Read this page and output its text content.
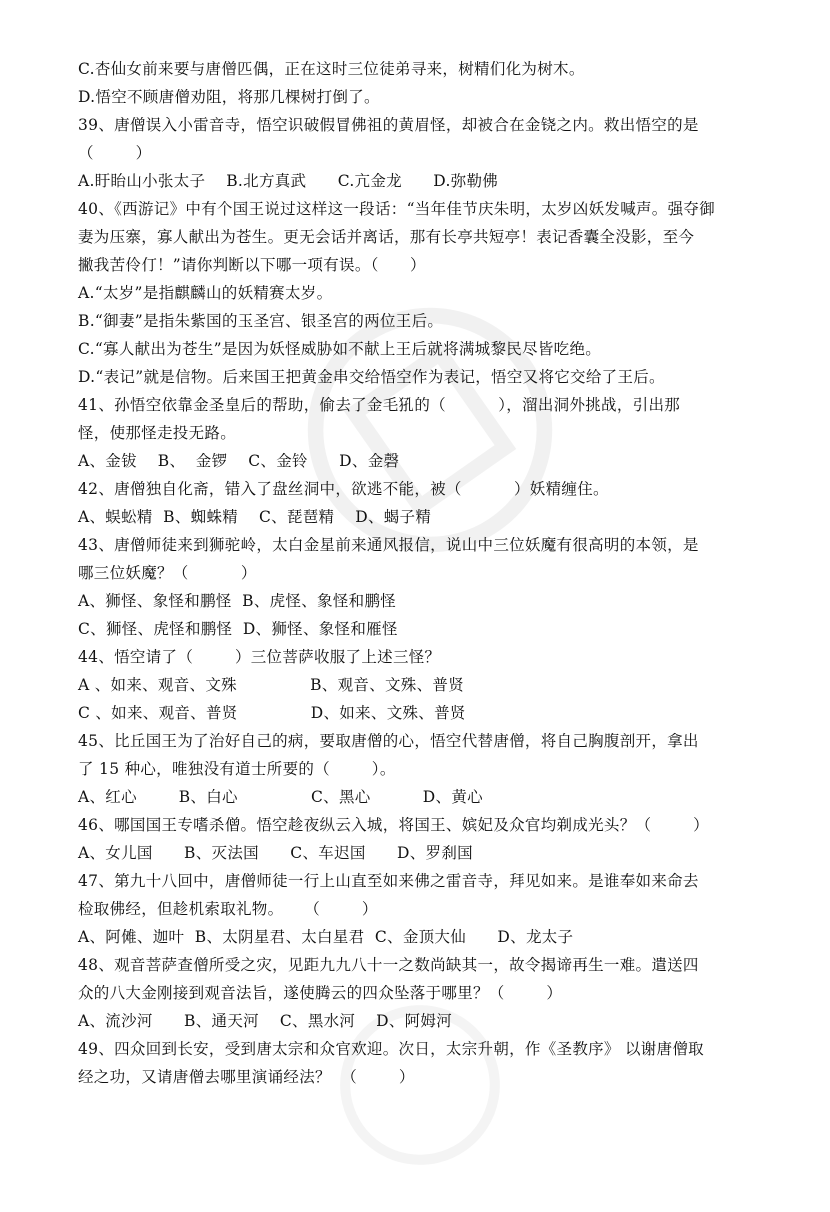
C.杏仙女前来要与唐僧匹偶，正在这时三位徒弟寻来，树精们化为树木。
D.悟空不顾唐僧劝阻，将那几棵树打倒了。
39、唐僧误入小雷音寺，悟空识破假冒佛祖的黄眉怪，却被合在金铙之内。救出悟空的是
（        ）
A.盱眙山小张太子    B.北方真武      C.亢金龙      D.弥勒佛
40、《西游记》中有个国王说过这样这一段话：“当年佳节庆朱明，太岁凶妖发喊声。强夺御
妻为压寨，寡人献出为苍生。更无会话并离话，那有长亭共短亭！表记香囊全没影，至今
撇我苦伶仃！”请你判断以下哪一项有误。（      ）
A.“太岁”是指麒麟山的妖精赛太岁。
B.“御妻”是指朱紫国的玉圣宫、银圣宫的两位王后。
C.“寡人献出为苍生”是因为妖怪威胁如不献上王后就将满城黎民尽皆吃绝。
D.“表记”就是信物。后来国王把黄金串交给悟空作为表记，悟空又将它交给了王后。
41、孙悟空依靠金圣皇后的帮助，偷去了金毛犼的（          ），溜出洞外挑战，引出那
怪，使那怪走投无路。
A、金钹    B、  金锣    C、金铃      D、金磬
42、唐僧独自化斋，错入了盘丝洞中，欲逃不能，被（          ）妖精缠住。
A、蜈蚣精  B、蜘蛛精    C、琵琶精    D、蝎子精
43、唐僧师徒来到狮驼岭，太白金星前来通风报信，说山中三位妖魔有很高明的本领，是
哪三位妖魔？（          ）
A、狮怪、象怪和鹏怪  B、虎怪、象怪和鹏怪
C、狮怪、虎怪和鹏怪  D、狮怪、象怪和雁怪
44、悟空请了（        ）三位菩萨收服了上述三怪？
A 、如来、观音、文殊              B、观音、文殊、普贤
C 、如来、观音、普贤              D、如来、文殊、普贤
45、比丘国王为了治好自己的病，要取唐僧的心，悟空代替唐僧，将自己胸腹剖开，拿出
了 15 种心，唯独没有道士所要的（        ）。
A、红心        B、白心              C、黑心          D、黄心
46、哪国国王专嗜杀僧。悟空趁夜纵云入城，将国王、嫔妃及众官均剃成光头？（        ）
A、女儿国      B、灭法国      C、车迟国      D、罗刹国
47、第九十八回中，唐僧师徒一行上山直至如来佛之雷音寺，拜见如来。是谁奉如来命去
检取佛经，但趁机索取礼物。    （        ）
A、阿傩、迦叶  B、太阴星君、太白星君  C、金顶大仙      D、龙太子
48、观音菩萨查僧所受之灾，见距九九八十一之数尚缺其一，故令揭谛再生一难。遣送四
众的八大金刚接到观音法旨，遂使腾云的四众坠落于哪里？（        ）
A、流沙河      B、通天河    C、黑水河    D、阿姆河
49、四众回到长安，受到唐太宗和众官欢迎。次日，太宗升朝，作《圣教序》 以谢唐僧取
经之功，又请唐僧去哪里演诵经法？  （        ）
